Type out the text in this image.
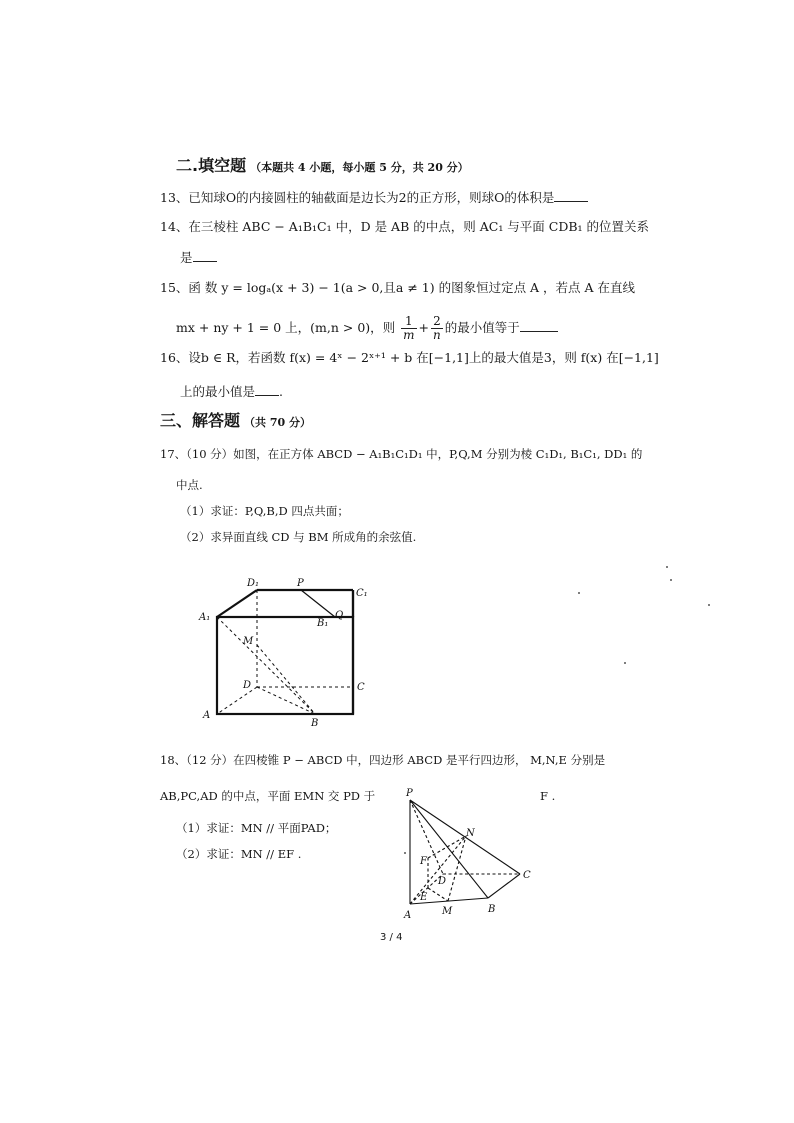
二.填空题 （本题共 4 小题，每小题 5 分，共 20 分）
13、已知球O的内接圆柱的轴截面是边长为2的正方形，则球O的体积是
14、在三棱柱 ABC − A₁B₁C₁ 中，D 是 AB 的中点，则 AC₁ 与平面 CDB₁ 的位置关系
是
15、函 数 y = logₐ(x + 3) − 1(a > 0,且a ≠ 1) 的图象恒过定点 A ，若点 A 在直线
mx + ny + 1 = 0 上，(m,n > 0)，则 $\frac{1}{m} + \frac{2}{n}$ 的最小值等于
16、设b ∈ R，若函数 f(x) = 4ˣ − 2ˣ⁺¹ + b 在[−1,1]上的最大值是3，则 f(x) 在[−1,1]
上的最小值是 .
三、解答题 （共 70 分）
17、（10 分）如图，在正方体 ABCD − A₁B₁C₁D₁ 中，P,Q,M 分别为棱 C₁D₁, B₁C₁, DD₁ 的
中点.
（1）求证：P,Q,B,D 四点共面；
（2）求异面直线 CD 与 BM 所成角的余弦值.
D₁	P
C₁
A₁
B₁
Q
M
D	C
A
B
18、（12 分）在四棱锥 P − ABCD 中，四边形 ABCD 是平行四边形， M,N,E 分别是
AB,PC,AD 的中点，平面 EMN 交 PD 于	F .
（1）求证：MN // 平面PAD；
（2）求证：MN // EF .
P
N
F
D
C
E
A	M	B
3 / 4
